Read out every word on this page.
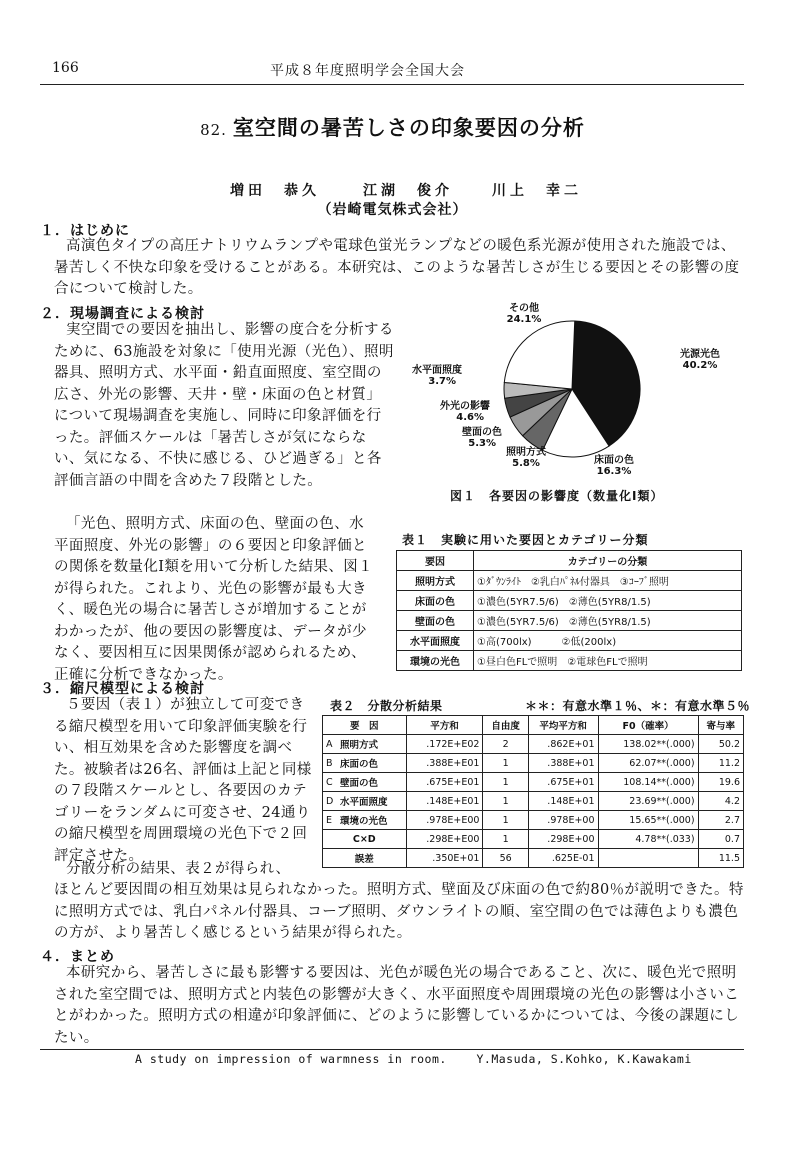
166	平成８年度照明学会全国大会
82. 室空間の暑苦しさの印象要因の分析
増田　恭久	江湖　俊介	川上　幸二
（岩崎電気株式会社）
１．はじめに

高演色タイプの高圧ナトリウムランプや電球色蛍光ランプなどの暖色系光源が使用された施設では、暑苦しく不快な印象を受けることがある。本研究は、このような暑苦しさが生じる要因とその影響の度合について検討した。

２．現場調査による検討

実空間での要因を抽出し、影響の度合を分析するために、63施設を対象に「使用光源（光色）、照明器具、照明方式、水平面・鉛直面照度、室空間の広さ、外光の影響、天井・壁・床面の色と材質」について現場調査を実施し、同時に印象評価を行った。評価スケールは「暑苦しさが気にならない、気になる、不快に感じる、ひど過ぎる」と各評価言語の中間を含めた７段階とした。

「光色、照明方式、床面の色、壁面の色、水平面照度、外光の影響」の６要因と印象評価との関係を数量化Ⅰ類を用いて分析した結果、図１が得られた。これより、光色の影響が最も大きく、暖色光の場合に暑苦しさが増加することがわかったが、他の要因の影響度は、データが少なく、要因相互に因果関係が認められるため、正確に分析できなかった。

光源光色
40.2%
床面の色
16.3%
照明方式
5.8%
壁面の色
5.3%
外光の影響
4.6%
水平面照度
3.7%
その他
24.1%
図１　各要因の影響度（数量化Ⅰ類）
表１　実験に用いた要因とカテゴリー分類
要因	カテゴリーの分類
照明方式	①ﾀﾞｳﾝﾗｲﾄ　②乳白ﾊﾟﾈﾙ付器具　③ｺｰﾌﾞ照明
床面の色	①濃色(5YR7.5/6)　②薄色(5YR8/1.5)
壁面の色	①濃色(5YR7.5/6)　②薄色(5YR8/1.5)
水平面照度	①高(700lx)　　　②低(200lx)
環境の光色	①昼白色FLで照明　②電球色FLで照明
３．縮尺模型による検討

５要因（表１）が独立して可変できる縮尺模型を用いて印象評価実験を行い、相互効果を含めた影響度を調べた。被験者は26名、評価は上記と同様の７段階スケールとし、各要因のカテゴリーをランダムに可変させ、24通りの縮尺模型を周囲環境の光色下で２回評定させた。

分散分析の結果、表２が得られ、

ほとんど要因間の相互効果は見られなかった。照明方式、壁面及び床面の色で約80％が説明できた。特に照明方式では、乳白パネル付器具、コーブ照明、ダウンライトの順、室空間の色では薄色よりも濃色の方が、より暑苦しく感じるという結果が得られた。

表２　分散分析結果	＊＊：有意水準１％、＊：有意水準５％
要　因		平方和	自由度	平均平方和	F0（確率）	寄与率
A	照明方式	.172E+E02	2	.862E+01	138.02**(.000)	50.2
B	床面の色	.388E+E01	1	.388E+01	62.07**(.000)	11.2
C	壁面の色	.675E+E01	1	.675E+01	108.14**(.000)	19.6
D	水平面照度	.148E+E01	1	.148E+01	23.69**(.000)	4.2
E	環境の光色	.978E+E00	1	.978E+00	15.65**(.000)	2.7
C×D		.298E+E00	1	.298E+00	4.78**(.033)	0.7
誤差		.350E+01	56	.625E-01		11.5
４．まとめ

本研究から、暑苦しさに最も影響する要因は、光色が暖色光の場合であること、次に、暖色光で照明された室空間では、照明方式と内装色の影響が大きく、水平面照度や周囲環境の光色の影響は小さいことがわかった。照明方式の相違が印象評価に、どのように影響しているかについては、今後の課題にしたい。

A study on impression of warmness in room.    Y.Masuda, S.Kohko, K.Kawakami
